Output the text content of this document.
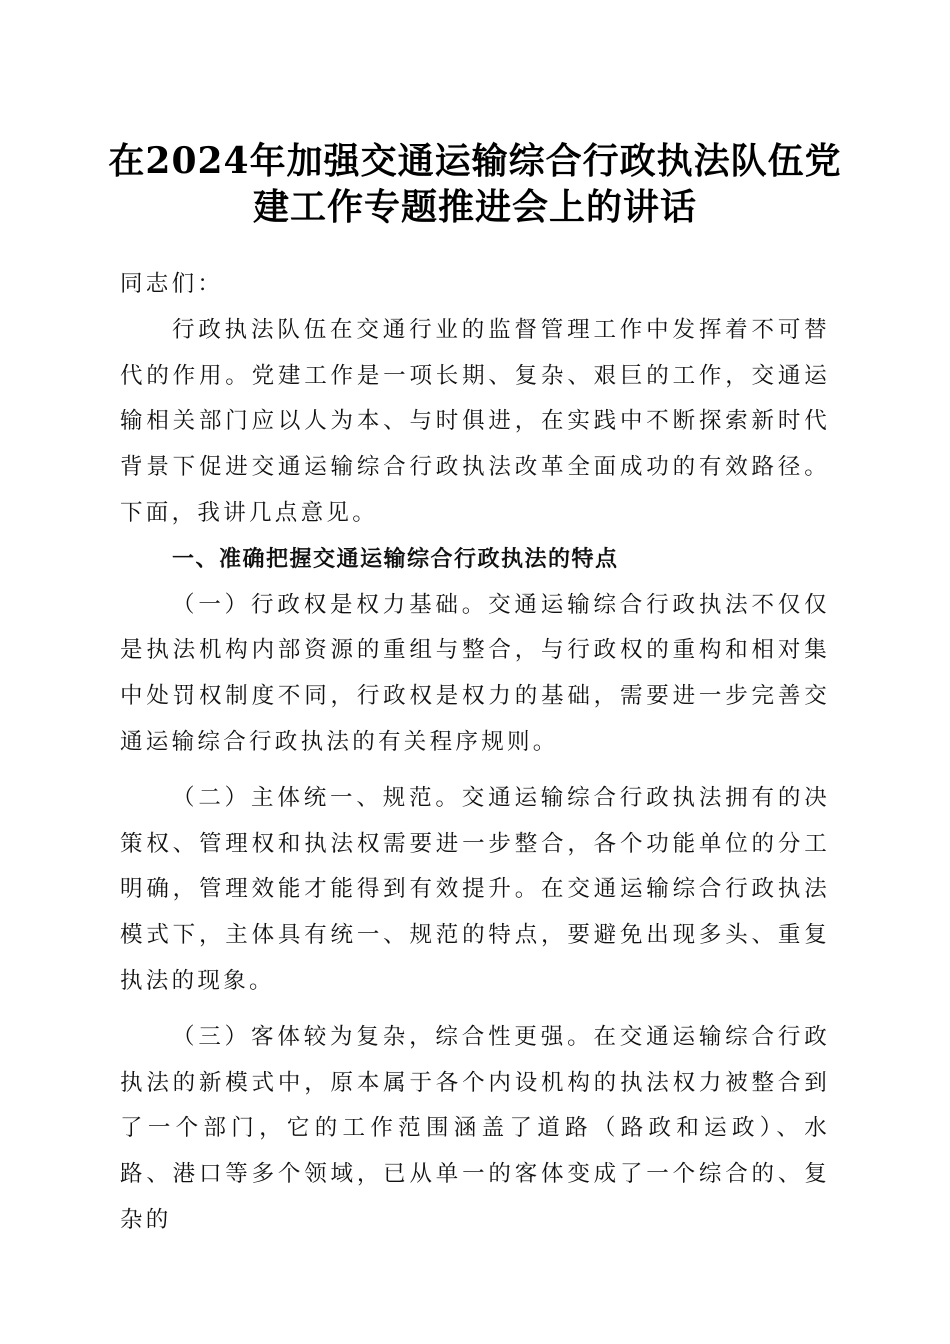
在2024年加强交通运输综合行政执法队伍党
建工作专题推进会上的讲话

同志们：

行政执法队伍在交通行业的监督管理工作中发挥着不可替代的作用。党建工作是一项长期、复杂、艰巨的工作，交通运输相关部门应以人为本、与时俱进，在实践中不断探索新时代背景下促进交通运输综合行政执法改革全面成功的有效路径。下面，我讲几点意见。

一、准确把握交通运输综合行政执法的特点

（一）行政权是权力基础。交通运输综合行政执法不仅仅是执法机构内部资源的重组与整合，与行政权的重构和相对集中处罚权制度不同，行政权是权力的基础，需要进一步完善交通运输综合行政执法的有关程序规则。

（二）主体统一、规范。交通运输综合行政执法拥有的决策权、管理权和执法权需要进一步整合，各个功能单位的分工明确，管理效能才能得到有效提升。在交通运输综合行政执法模式下，主体具有统一、规范的特点，要避免出现多头、重复执法的现象。

（三）客体较为复杂，综合性更强。在交通运输综合行政执法的新模式中，原本属于各个内设机构的执法权力被整合到了一个部门，它的工作范围涵盖了道路（路政和运政）、水路、港口等多个领域，已从单一的客体变成了一个综合的、复杂的
